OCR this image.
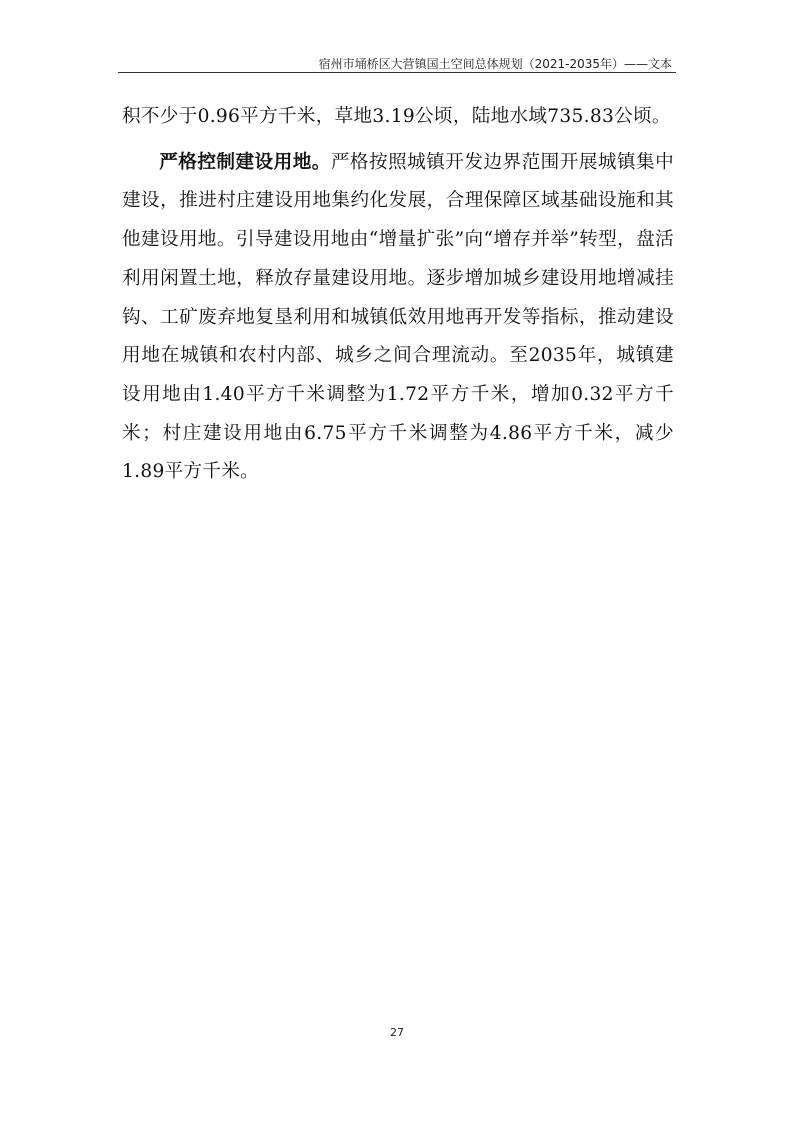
宿州市埇桥区大营镇国土空间总体规划（2021-2035年）——文本

积不少于0.96平方千米，草地3.19公顷，陆地水域735.83公顷。

严格控制建设用地。严格按照城镇开发边界范围开展城镇集中建设，推进村庄建设用地集约化发展，合理保障区域基础设施和其他建设用地。引导建设用地由“增量扩张”向“增存并举”转型，盘活利用闲置土地，释放存量建设用地。逐步增加城乡建设用地增减挂钩、工矿废弃地复垦利用和城镇低效用地再开发等指标，推动建设用地在城镇和农村内部、城乡之间合理流动。至2035年，城镇建设用地由1.40平方千米调整为1.72平方千米，增加0.32平方千米；村庄建设用地由6.75平方千米调整为4.86平方千米，减少1.89平方千米。

27
